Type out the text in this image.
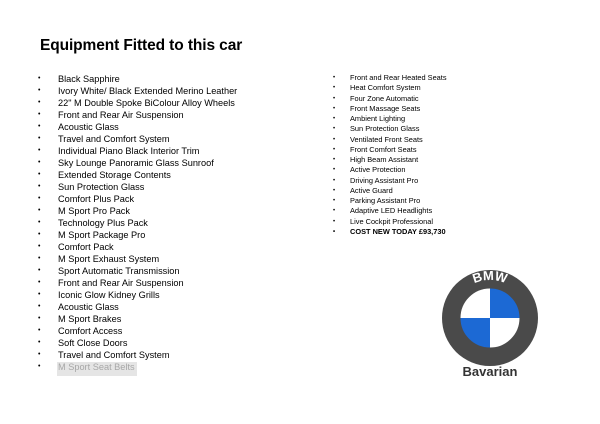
Equipment Fitted to this car
• Black Sapphire
• Ivory White/ Black Extended Merino Leather
• 22" M Double Spoke BiColour Alloy Wheels
• Front and Rear Air Suspension
• Acoustic Glass
• Travel and Comfort System
• Individual Piano Black Interior Trim
• Sky Lounge Panoramic Glass Sunroof
• Extended Storage Contents
• Sun Protection Glass
• Comfort Plus Pack
• M Sport Pro Pack
• Technology Plus Pack
• M Sport Package Pro
• Comfort Pack
• M Sport Exhaust System
• Sport Automatic Transmission
• Front and Rear Air Suspension
• Iconic Glow Kidney Grills
• Acoustic Glass
• M Sport Brakes
• Comfort Access
• Soft Close Doors
• Travel and Comfort System
•
• Front and Rear Heated Seats
• Heat Comfort System
• Four Zone Automatic
• Front Massage Seats
• Ambient Lighting
• Sun Protection Glass
• Ventilated Front Seats
• Front Comfort Seats
• High Beam Assistant
• Active Protection
• Driving Assistant Pro
• Active Guard
• Parking Assistant Pro
• Adaptive LED Headlights
• Live Cockpit Professional
• COST NEW TODAY £93,730
BMW
Bavarian
